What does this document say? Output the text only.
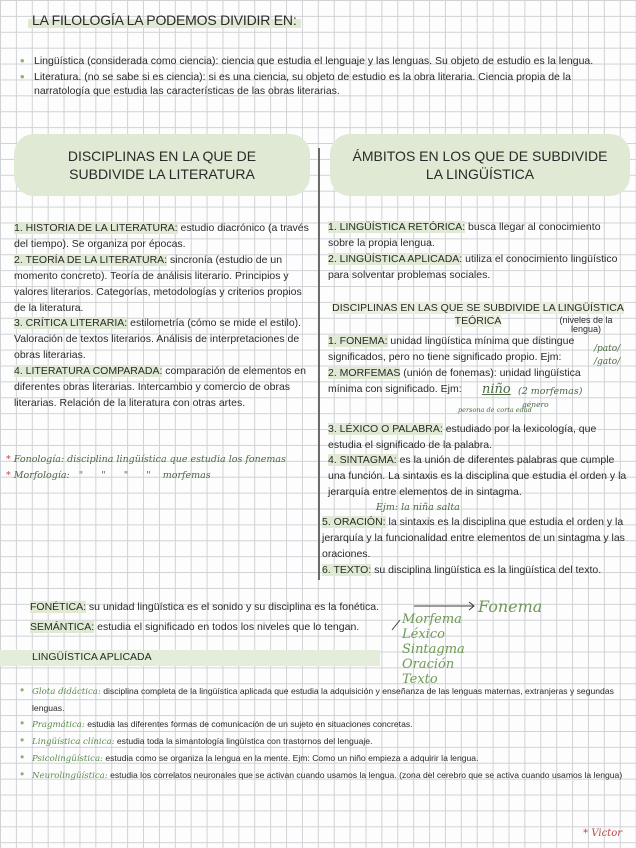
LA FILOLOGÍA LA PODEMOS DIVIDIR EN:
• Lingüística (considerada como ciencia): ciencia que estudia el lenguaje y las lenguas. Su objeto de estudio es la lengua.
• Literatura. (no se sabe si es ciencia): si es una ciencia, su objeto de estudio es la obra literaria. Ciencia propia de la narratología que estudia las características de las obras literarias.
DISCIPLINAS EN LA QUE DE SUBDIVIDE LA LITERATURA
ÁMBITOS EN LOS QUE DE SUBDIVIDE LA LINGÜÍSTICA
1. HISTORIA DE LA LITERATURA: estudio diacrónico (a través del tiempo). Se organiza por épocas.
2. TEORÍA DE LA LITERATURA: sincronía (estudio de un momento concreto). Teoría de análisis literario. Principios y valores literarios. Categorías, metodologías y criterios propios de la literatura.
3. CRÍTICA LITERARIA: estilometría (cómo se mide el estilo). Valoración de textos literarios. Análisis de interpretaciones de obras literarias.
4. LITERATURA COMPARADA: comparación de elementos en diferentes obras literarias. Intercambio y comercio de obras literarias. Relación de la literatura con otras artes.
* Fonología: disciplina lingüística que estudia los fonemas
* Morfología:   "      "      "      "    morfemas
1. LINGÜÍSTICA RETÓRICA: busca llegar al conocimiento sobre la propia lengua.
2. LINGÜÍSTICA APLICADA: utiliza el conocimiento lingüístico para solventar problemas sociales.
DISCIPLINAS EN LAS QUE SE SUBDIVIDE LA LINGÜÍSTICA TEÓRICA	(niveles de la lengua)
1. FONEMA: unidad lingüística mínima que distingue significados, pero no tiene significado propio. Ejm:
2. MORFEMAS (unión de fonemas): unidad lingüística mínima con significado. Ejm:
3. LÉXICO O PALABRA: estudiado por la lexicología, que estudia el significado de la palabra.
4. SINTAGMA: es la unión de diferentes palabras que cumple una función. La sintaxis es la disciplina que estudia el orden y la jerarquía entre elementos de in sintagma.
5. ORACIÓN: la sintaxis es la disciplina que estudia el orden y la jerarquía y la funcionalidad entre elementos de un sintagma y las oraciones.
6. TEXTO: su disciplina lingüística es la lingüística del texto.
/pato/
/gato/
niño (2 morfemas)
género
persona de corta edad
Ejm: la niña salta
FONÉTICA: su unidad lingüística es el sonido y su disciplina es la fonética.
SEMÁNTICA: estudia el significado en todos los niveles que lo tengan.
Fonema
Morfema
Léxico
Sintagma
Oración
Texto
LINGÜÍSTICA APLICADA
• Glota didáctica: disciplina completa de la lingüística aplicada que estudia la adquisición y enseñanza de las lenguas maternas, extranjeras y segundas lenguas.
• Pragmática: estudia las diferentes formas de comunicación de un sujeto en situaciones concretas.
• Lingüística clínica: estudia toda la simantología lingüística con trastornos del lenguaje.
• Psicolingüística: estudia como se organiza la lengua en la mente. Ejm: Como un niño empieza a adquirir la lengua.
• Neurolingüística: estudia los correlatos neuronales que se activan cuando usamos la lengua. (zona del cerebro que se activa cuando usamos la lengua)
* Victor
